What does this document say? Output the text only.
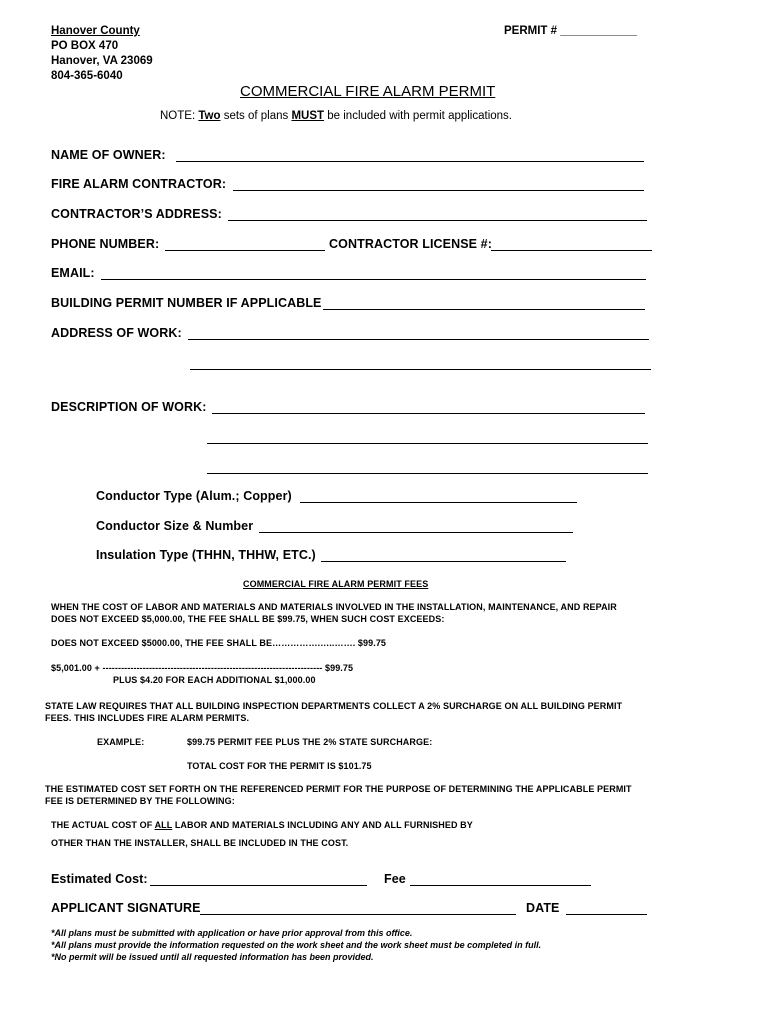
Hanover County
PO BOX 470
Hanover, VA 23069
804-365-6040
PERMIT # ____________
COMMERCIAL FIRE ALARM PERMIT
NOTE: Two sets of plans MUST be included with permit applications.
NAME OF OWNER:
FIRE ALARM CONTRACTOR:
CONTRACTOR’S ADDRESS:
PHONE NUMBER:	CONTRACTOR LICENSE #:
EMAIL:
BUILDING PERMIT NUMBER IF APPLICABLE
ADDRESS OF WORK:
DESCRIPTION OF WORK:
Conductor Type (Alum.; Copper)
Conductor Size & Number
Insulation Type (THHN, THHW, ETC.)
COMMERCIAL FIRE ALARM PERMIT FEES
WHEN THE COST OF LABOR AND MATERIALS AND MATERIALS INVOLVED IN THE INSTALLATION, MAINTENANCE, AND REPAIR
DOES NOT EXCEED $5,000.00, THE FEE SHALL BE $99.75, WHEN SUCH COST EXCEEDS:
DOES NOT EXCEED $5000.00, THE FEE SHALL BE…………….…..……. $99.75
$5,001.00 + ----------------------------------------------------------------------- $99.75
PLUS $4.20 FOR EACH ADDITIONAL $1,000.00
STATE LAW REQUIRES THAT ALL BUILDING INSPECTION DEPARTMENTS COLLECT A 2% SURCHARGE ON ALL BUILDING PERMIT
FEES. THIS INCLUDES FIRE ALARM PERMITS.
EXAMPLE:	$99.75 PERMIT FEE PLUS THE 2% STATE SURCHARGE:
TOTAL COST FOR THE PERMIT IS $101.75
THE ESTIMATED COST SET FORTH ON THE REFERENCED PERMIT FOR THE PURPOSE OF DETERMINING THE APPLICABLE PERMIT
FEE IS DETERMINED BY THE FOLLOWING:
THE ACTUAL COST OF ALL LABOR AND MATERIALS INCLUDING ANY AND ALL FURNISHED BY
OTHER THAN THE INSTALLER, SHALL BE INCLUDED IN THE COST.
Estimated Cost:	Fee
APPLICANT SIGNATURE	DATE
*All plans must be submitted with application or have prior approval from this office.
*All plans must provide the information requested on the work sheet and the work sheet must be completed in full.
*No permit will be issued until all requested information has been provided.
